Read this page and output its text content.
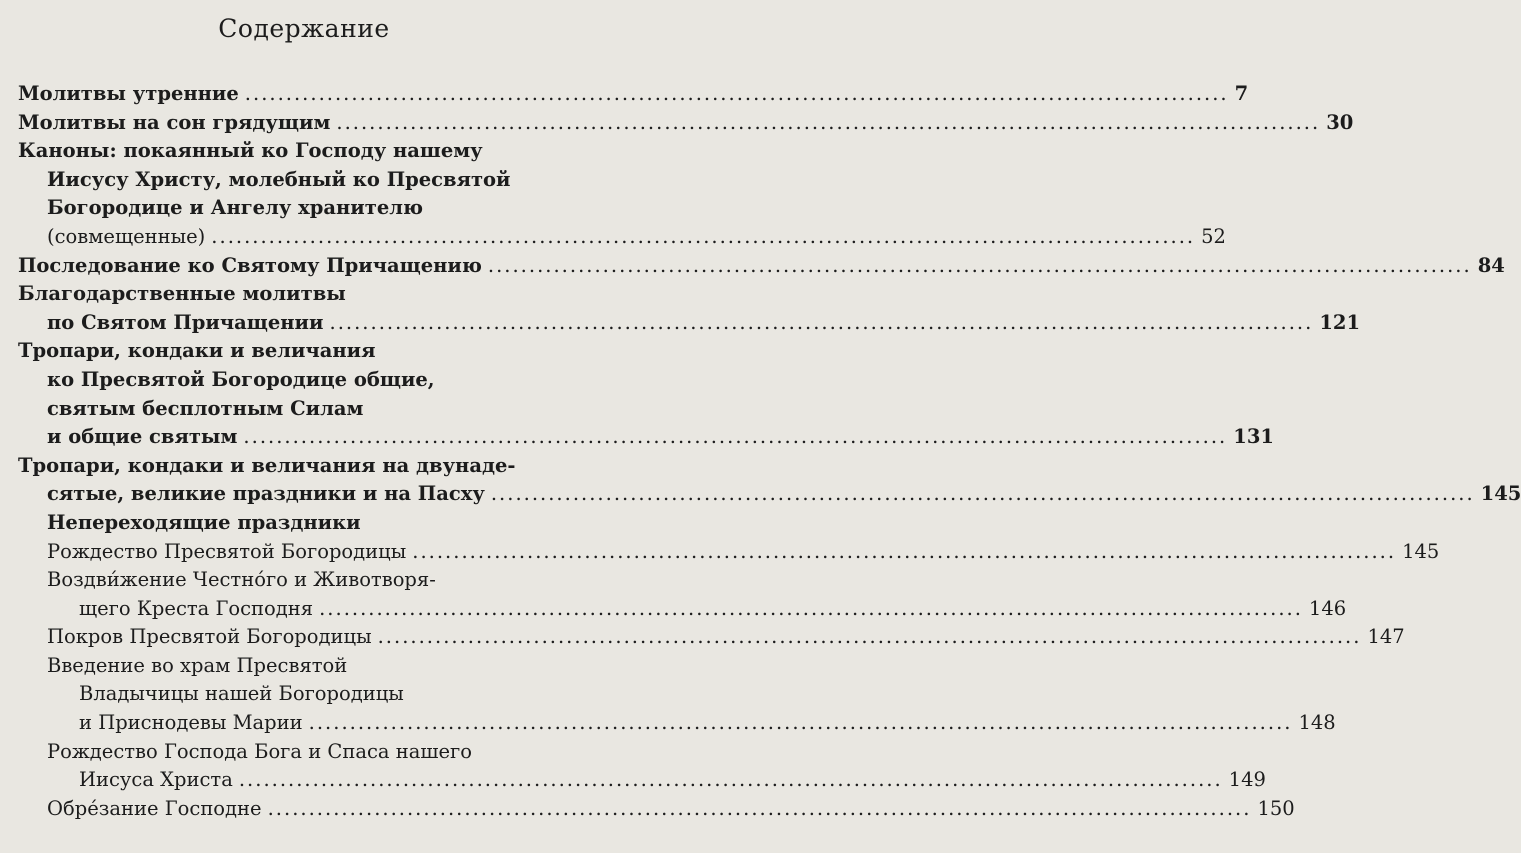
Содержание
Молитвы утренние ........................................................................................................................ 7
Молитвы на сон грядущим ........................................................................................................................ 30
Каноны: покаянный ко Господу нашему
Иисусу Христу, молебный ко Пресвятой
Богородице и Ангелу хранителю
(совмещенные) ........................................................................................................................ 52
Последование ко Святому Причащению ........................................................................................................................ 84
Благодарственные молитвы
по Святом Причащении ........................................................................................................................ 121
Тропари, кондаки и величания
ко Пресвятой Богородице общие,
святым бесплотным Силам
и общие святым ........................................................................................................................ 131
Тропари, кондаки и величания на двунаде-
сятые, великие праздники и на Пасху ........................................................................................................................ 145
Непереходящие праздники
Рождество Пресвятой Богородицы ........................................................................................................................ 145
Воздви́жение Честно́го и Животворя-
щего Креста Господня ........................................................................................................................ 146
Покров Пресвятой Богородицы ........................................................................................................................ 147
Введение во храм Пресвятой
Владычицы нашей Богородицы
и Приснодевы Марии ........................................................................................................................ 148
Рождество Господа Бога и Спаса нашего
Иисуса Христа ........................................................................................................................ 149
Обре́зание Господне ........................................................................................................................ 150
